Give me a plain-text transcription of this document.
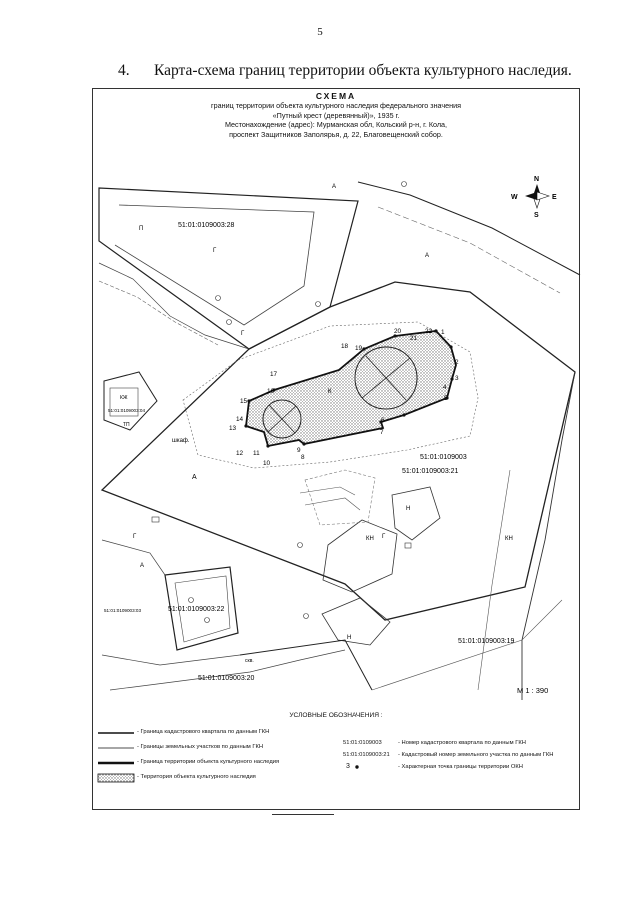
5
4. Карта-схема границ территории объекта культурного наследия.
СХЕМА
границ территории объекта культурного наследия федерального значения
«Путный крест (деревянный)», 1935 г.
Местонахождение (адрес): Мурманская обл, Кольский р-н, г. Кола,
проспект Защитников Заполярья, д. 22, Благовещенский собор.
51:01:0109003:28
51:01:0109003
51:01:0109003:21
51:01:0109003:19
51:01:0109003:22
51:01:0109003:20
51:01:0109003:04
51:01:0109003:03
1
2
3
4
5
6
7
8
9
10
11
12
13
14
15
16
17
18 19
20
21
22
А
А
А
А
Г
Г
Г
Г
Н
Н
КН	КН
К
П
КЖ
шкаф.
скв.
ТП
N
S
W	E
М 1 : 390
УСЛОВНЫЕ ОБОЗНАЧЕНИЯ :
- Граница кадастрового квартала по данным ГКН
- Границы земельных участков по данным ГКН
- Граница территории объекта культурного наследия
- Территория объекта культурного наследия
51:01:0109003	- Номер кадастрового квартала по данным ГКН
51:01:0109003:21 - Кадастровый номер земельного участка по данным ГКН
3	- Характерная точка границы территории ОКН
